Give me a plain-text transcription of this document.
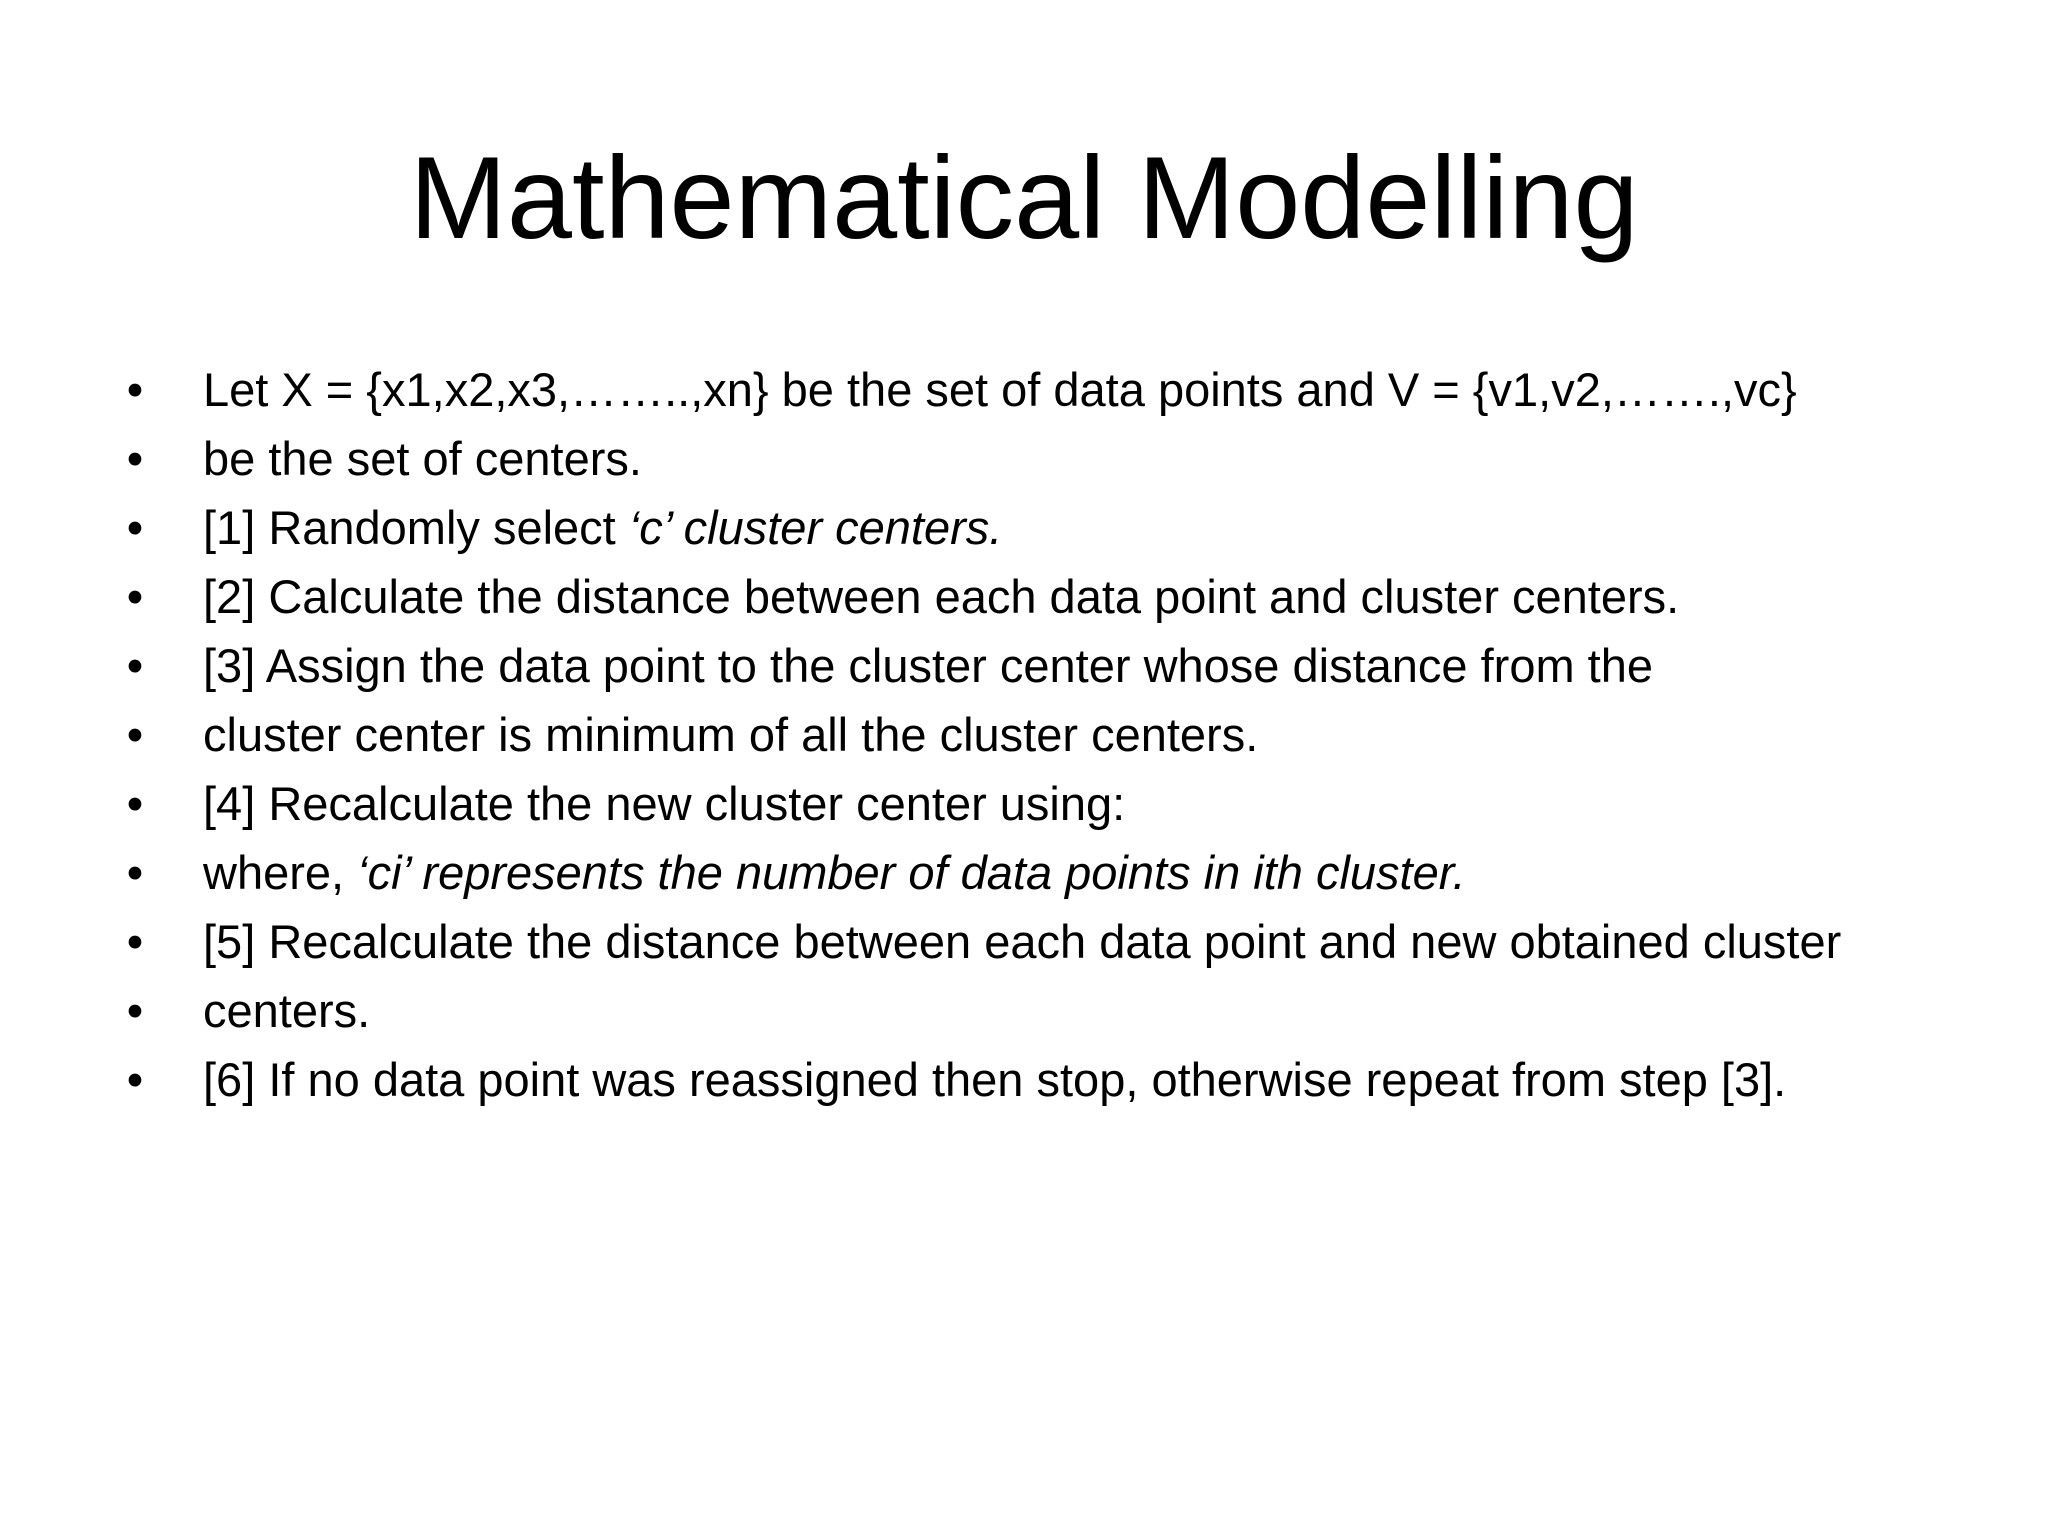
Mathematical Modelling
• Let X = {x1,x2,x3,……..,xn} be the set of data points and V = {v1,v2,…….,vc}
• be the set of centers.
• [1] Randomly select ‘c’ cluster centers.
• [2] Calculate the distance between each data point and cluster centers.
• [3] Assign the data point to the cluster center whose distance from the
• cluster center is minimum of all the cluster centers.
• [4] Recalculate the new cluster center using:
• where, ‘ci’ represents the number of data points in ith cluster.
• [5] Recalculate the distance between each data point and new obtained cluster
• centers.
• [6] If no data point was reassigned then stop, otherwise repeat from step [3].
